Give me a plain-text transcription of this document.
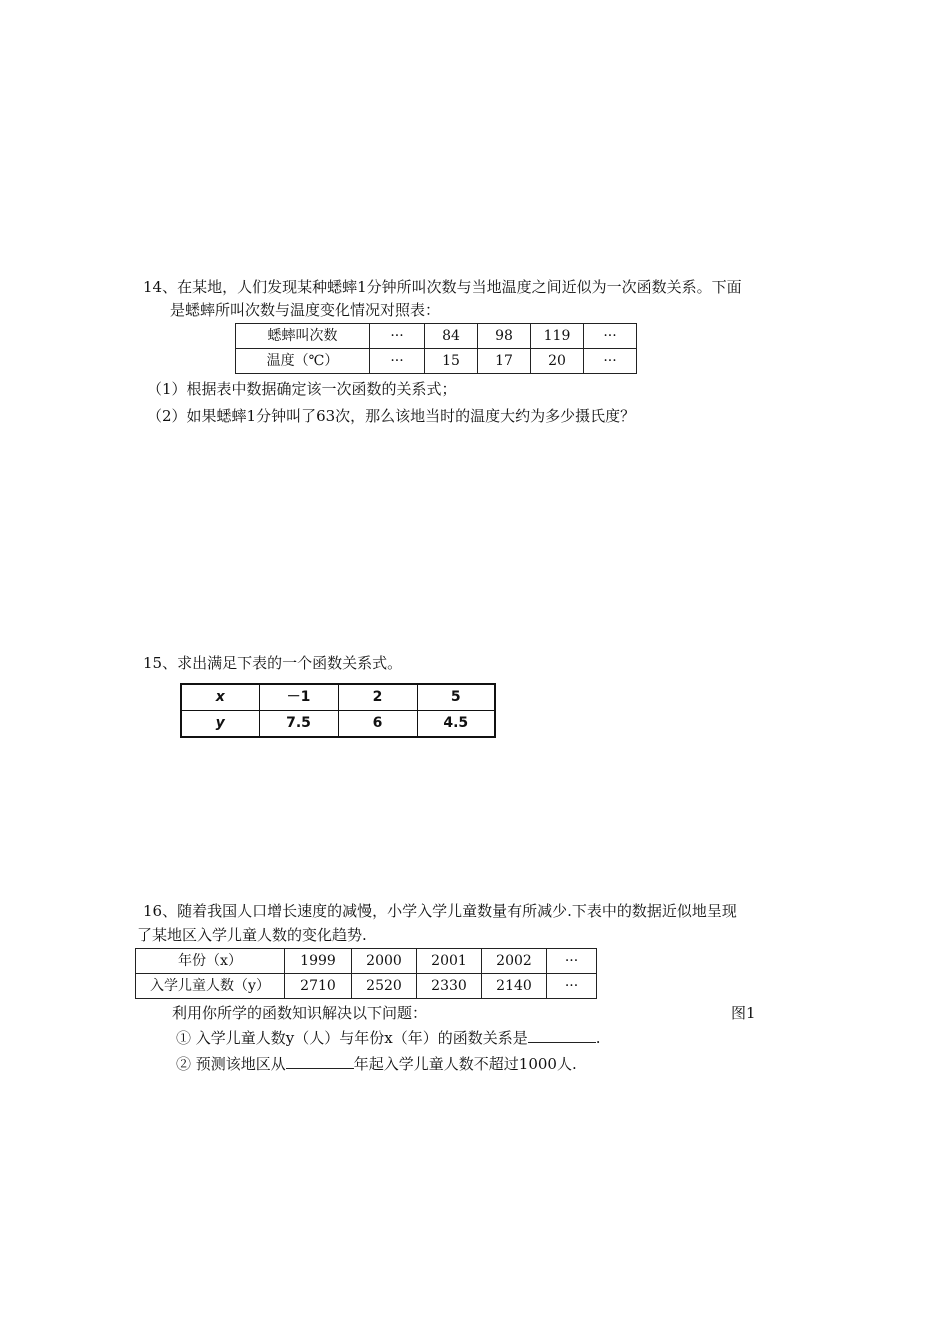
14、在某地，人们发现某种蟋蟀1分钟所叫次数与当地温度之间近似为一次函数关系。下面
是蟋蟀所叫次数与温度变化情况对照表：
蟋蟀叫次数	···	84	98	119	···
温度（℃）	···	15	17	20	···
（1）根据表中数据确定该一次函数的关系式；
（2）如果蟋蟀1分钟叫了63次，那么该地当时的温度大约为多少摄氏度？
15、求出满足下表的一个函数关系式。
x	－1	2	5
y	7.5	6	4.5
16、随着我国人口增长速度的减慢，小学入学儿童数量有所减少.下表中的数据近似地呈现
了某地区入学儿童人数的变化趋势.
年份（x）	1999	2000	2001	2002	···
入学儿童人数（y）	2710	2520	2330	2140	···
利用你所学的函数知识解决以下问题：	图1
① 入学儿童人数y（人）与年份x（年）的函数关系是	.
② 预测该地区从	年起入学儿童人数不超过1000人.
